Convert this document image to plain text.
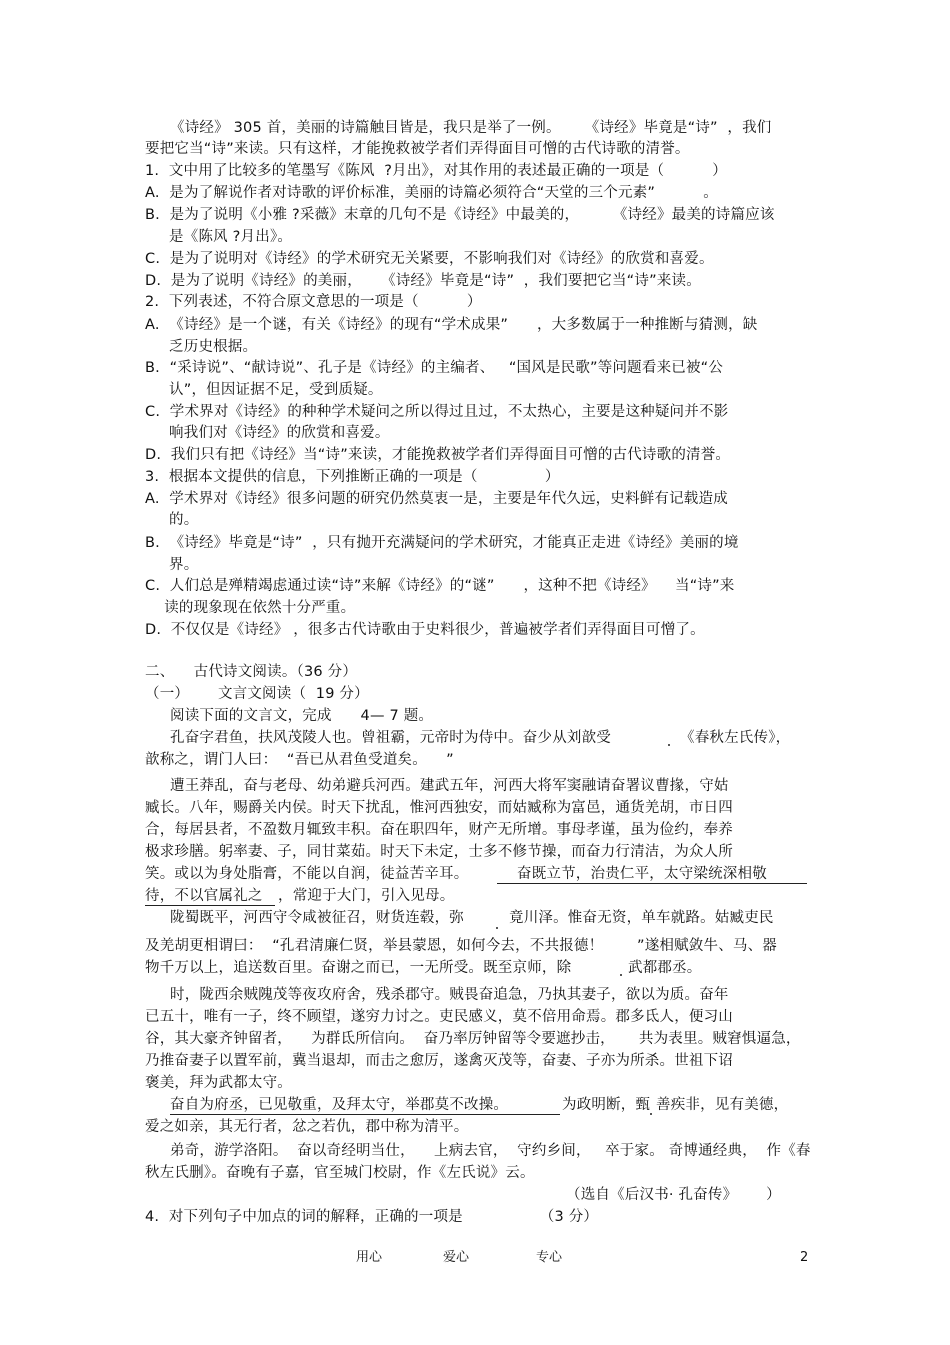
《诗经》 305 首，美丽的诗篇触目皆是，我只是举了一例。     《诗经》毕竟是“诗”  ，我们
要把它当“诗”来读。只有这样，才能挽救被学者们弄得面目可憎的古代诗歌的清誉。
1.  文中用了比较多的笔墨写《陈风  ?月出》，对其作用的表述最正确的一项是（          ）
A.  是为了解说作者对诗歌的评价标准，美丽的诗篇必须符合“天堂的三个元素”          。
B.  是为了说明《小雅 ?采薇》末章的几句不是《诗经》中最美的，       《诗经》最美的诗篇应该
是《陈风 ?月出》。
C.  是为了说明对《诗经》的学术研究无关紧要，不影响我们对《诗经》的欣赏和喜爱。
D.  是为了说明《诗经》的美丽，    《诗经》毕竟是“诗”  ，我们要把它当“诗”来读。
2.  下列表述，不符合原文意思的一项是（          ）
A.  《诗经》是一个谜，有关《诗经》的现有“学术成果”      ，大多数属于一种推断与猜测，缺
乏历史根据。
B.  “采诗说”、“献诗说”、孔子是《诗经》的主编者、   “国风是民歌”等问题看来已被“公
认”，但因证据不足，受到质疑。
C.  学术界对《诗经》的种种学术疑问之所以得过且过，不太热心，主要是这种疑问并不影
响我们对《诗经》的欣赏和喜爱。
D.  我们只有把《诗经》当“诗”来读，才能挽救被学者们弄得面目可憎的古代诗歌的清誉。
3.  根据本文提供的信息，下列推断正确的一项是（              ）
A.  学术界对《诗经》很多问题的研究仍然莫衷一是，主要是年代久远，史料鲜有记载造成
的。
B.  《诗经》毕竟是“诗”  ，只有抛开充满疑问的学术研究，才能真正走进《诗经》美丽的境
界。
C.  人们总是殚精竭虑通过读“诗”来解《诗经》的“谜”      ，这种不把《诗经》    当“诗”来
读的现象现在依然十分严重。
D.  不仅仅是《诗经》 ，很多古代诗歌由于史料很少，普遍被学者们弄得面目可憎了。
二、    古代诗文阅读。（36 分）
（一）      文言文阅读（  19 分）
阅读下面的文言文，完成      4— 7 题。
孔奋字君鱼，扶风茂陵人也。曾祖霸，元帝时为侍中。奋少从刘歆受	《春秋左氏传》，
歆称之，谓门人曰：  “吾已从君鱼受道矣。    ”
遭王莽乱，奋与老母、幼弟避兵河西。建武五年，河西大将军窦融请奋署议曹掾，守姑
臧长。八年，赐爵关内侯。时天下扰乱，惟河西独安，而姑臧称为富邑，通货羌胡，市日四
合，每居县者，不盈数月辄致丰积。奋在职四年，财产无所增。事母孝谨，虽为俭约，奉养
极求珍膳。躬率妻、子，同甘菜茹。时天下未定，士多不修节操，而奋力行清洁，为众人所
笑。或以为身处脂膏，不能以自润，徒益苦辛耳。	奋既立节，治贵仁平，太守梁统深相敬
待，不以官属礼之 ，常迎于大门，引入见母。
陇蜀既平，河西守令咸被征召，财货连毂，弥	竟川泽。惟奋无资，单车就路。姑臧吏民
及羌胡更相谓曰：  “孔君清廉仁贤，举县蒙恩，如何今去，不共报德！       ”遂相赋敛牛、马、器
物千万以上，追送数百里。奋谢之而已，一无所受。既至京师，除	武都郡丞。
时，陇西余贼隗茂等夜攻府舍，残杀郡守。贼畏奋追急，乃执其妻子，欲以为质。奋年
已五十，唯有一子，终不顾望，遂穷力讨之。吏民感义，莫不倍用命焉。郡多氐人，便习山
谷，其大豪齐钟留者，    为群氐所信向。  奋乃率厉钟留等令要遮抄击，     共为表里。贼窘惧逼急，
乃推奋妻子以置军前，冀当退却，而击之愈厉，遂禽灭茂等，奋妻、子亦为所杀。世祖下诏
褒美，拜为武都太守。
奋自为府丞，已见敬重，及拜太守，举郡莫不改操。	为政明断，甄 善疾非，见有美德，
爱之如亲，其无行者，忿之若仇，郡中称为清平。
弟奇，游学洛阳。  奋以奇经明当仕，    上病去官，  守约乡间，   卒于家。 奇博通经典，  作《春
秋左氏删》。奋晚有子嘉，官至城门校尉，作《左氏说》云。
（选自《后汉书· 孔奋传》      ）
4.  对下列句子中加点的词的解释，正确的一项是                （3 分）
用心	爱心	专心	2
